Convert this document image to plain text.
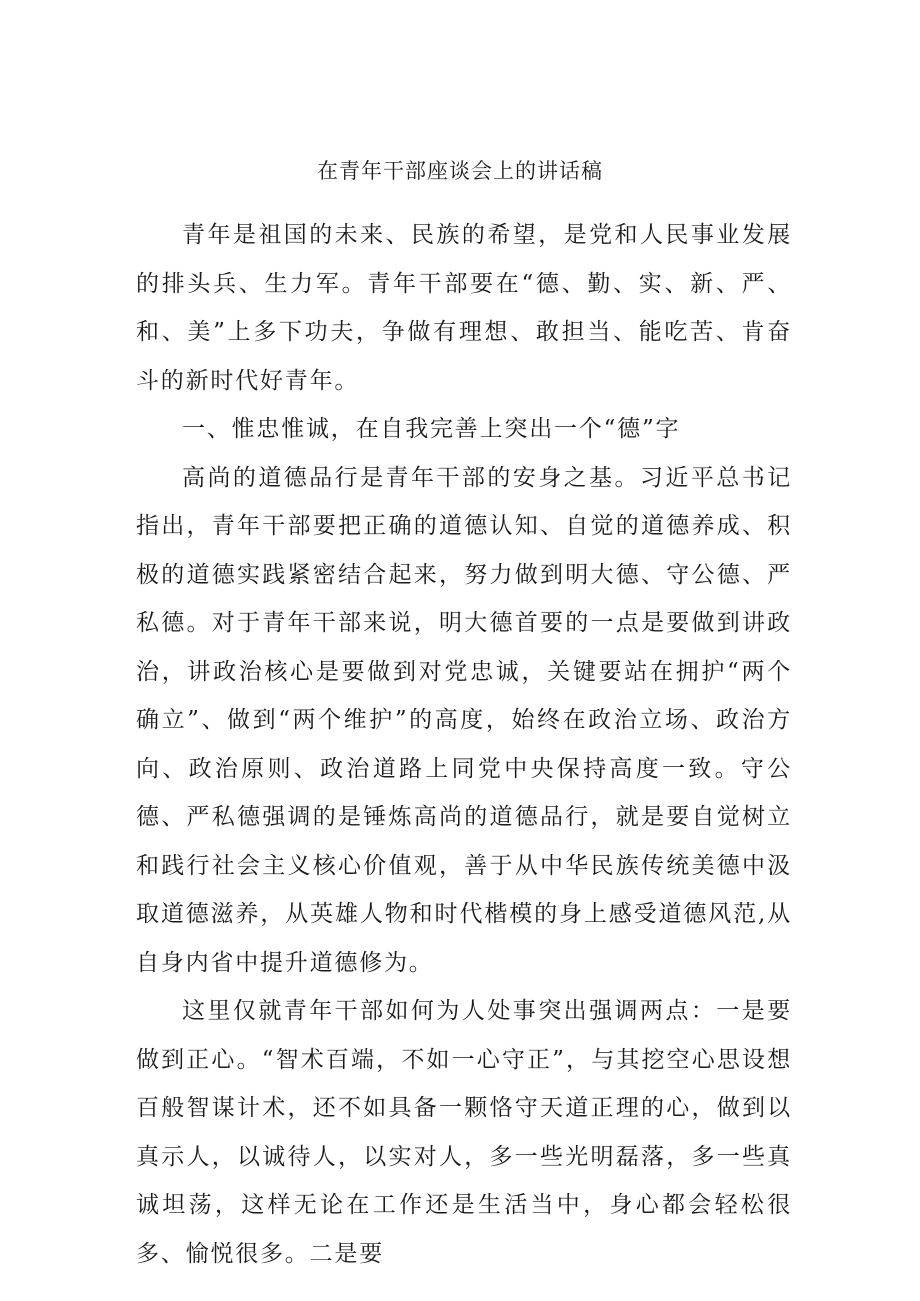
在青年干部座谈会上的讲话稿

青年是祖国的未来、民族的希望，是党和人民事业发展的排头兵、生力军。青年干部要在“德、勤、实、新、严、和、美”上多下功夫，争做有理想、敢担当、能吃苦、肯奋斗的新时代好青年。

一、惟忠惟诚，在自我完善上突出一个“德”字

高尚的道德品行是青年干部的安身之基。习近平总书记指出，青年干部要把正确的道德认知、自觉的道德养成、积极的道德实践紧密结合起来，努力做到明大德、守公德、严私德。对于青年干部来说，明大德首要的一点是要做到讲政治，讲政治核心是要做到对党忠诚，关键要站在拥护“两个确立”、做到“两个维护”的高度，始终在政治立场、政治方向、政治原则、政治道路上同党中央保持高度一致。守公德、严私德强调的是锤炼高尚的道德品行，就是要自觉树立和践行社会主义核心价值观，善于从中华民族传统美德中汲取道德滋养，从英雄人物和时代楷模的身上感受道德风范,从自身内省中提升道德修为。

这里仅就青年干部如何为人处事突出强调两点：一是要做到正心。“智术百端，不如一心守正”，与其挖空心思设想百般智谋计术，还不如具备一颗恪守天道正理的心，做到以真示人，以诚待人，以实对人，多一些光明磊落，多一些真诚坦荡，这样无论在工作还是生活当中，身心都会轻松很多、愉悦很多。二是要
